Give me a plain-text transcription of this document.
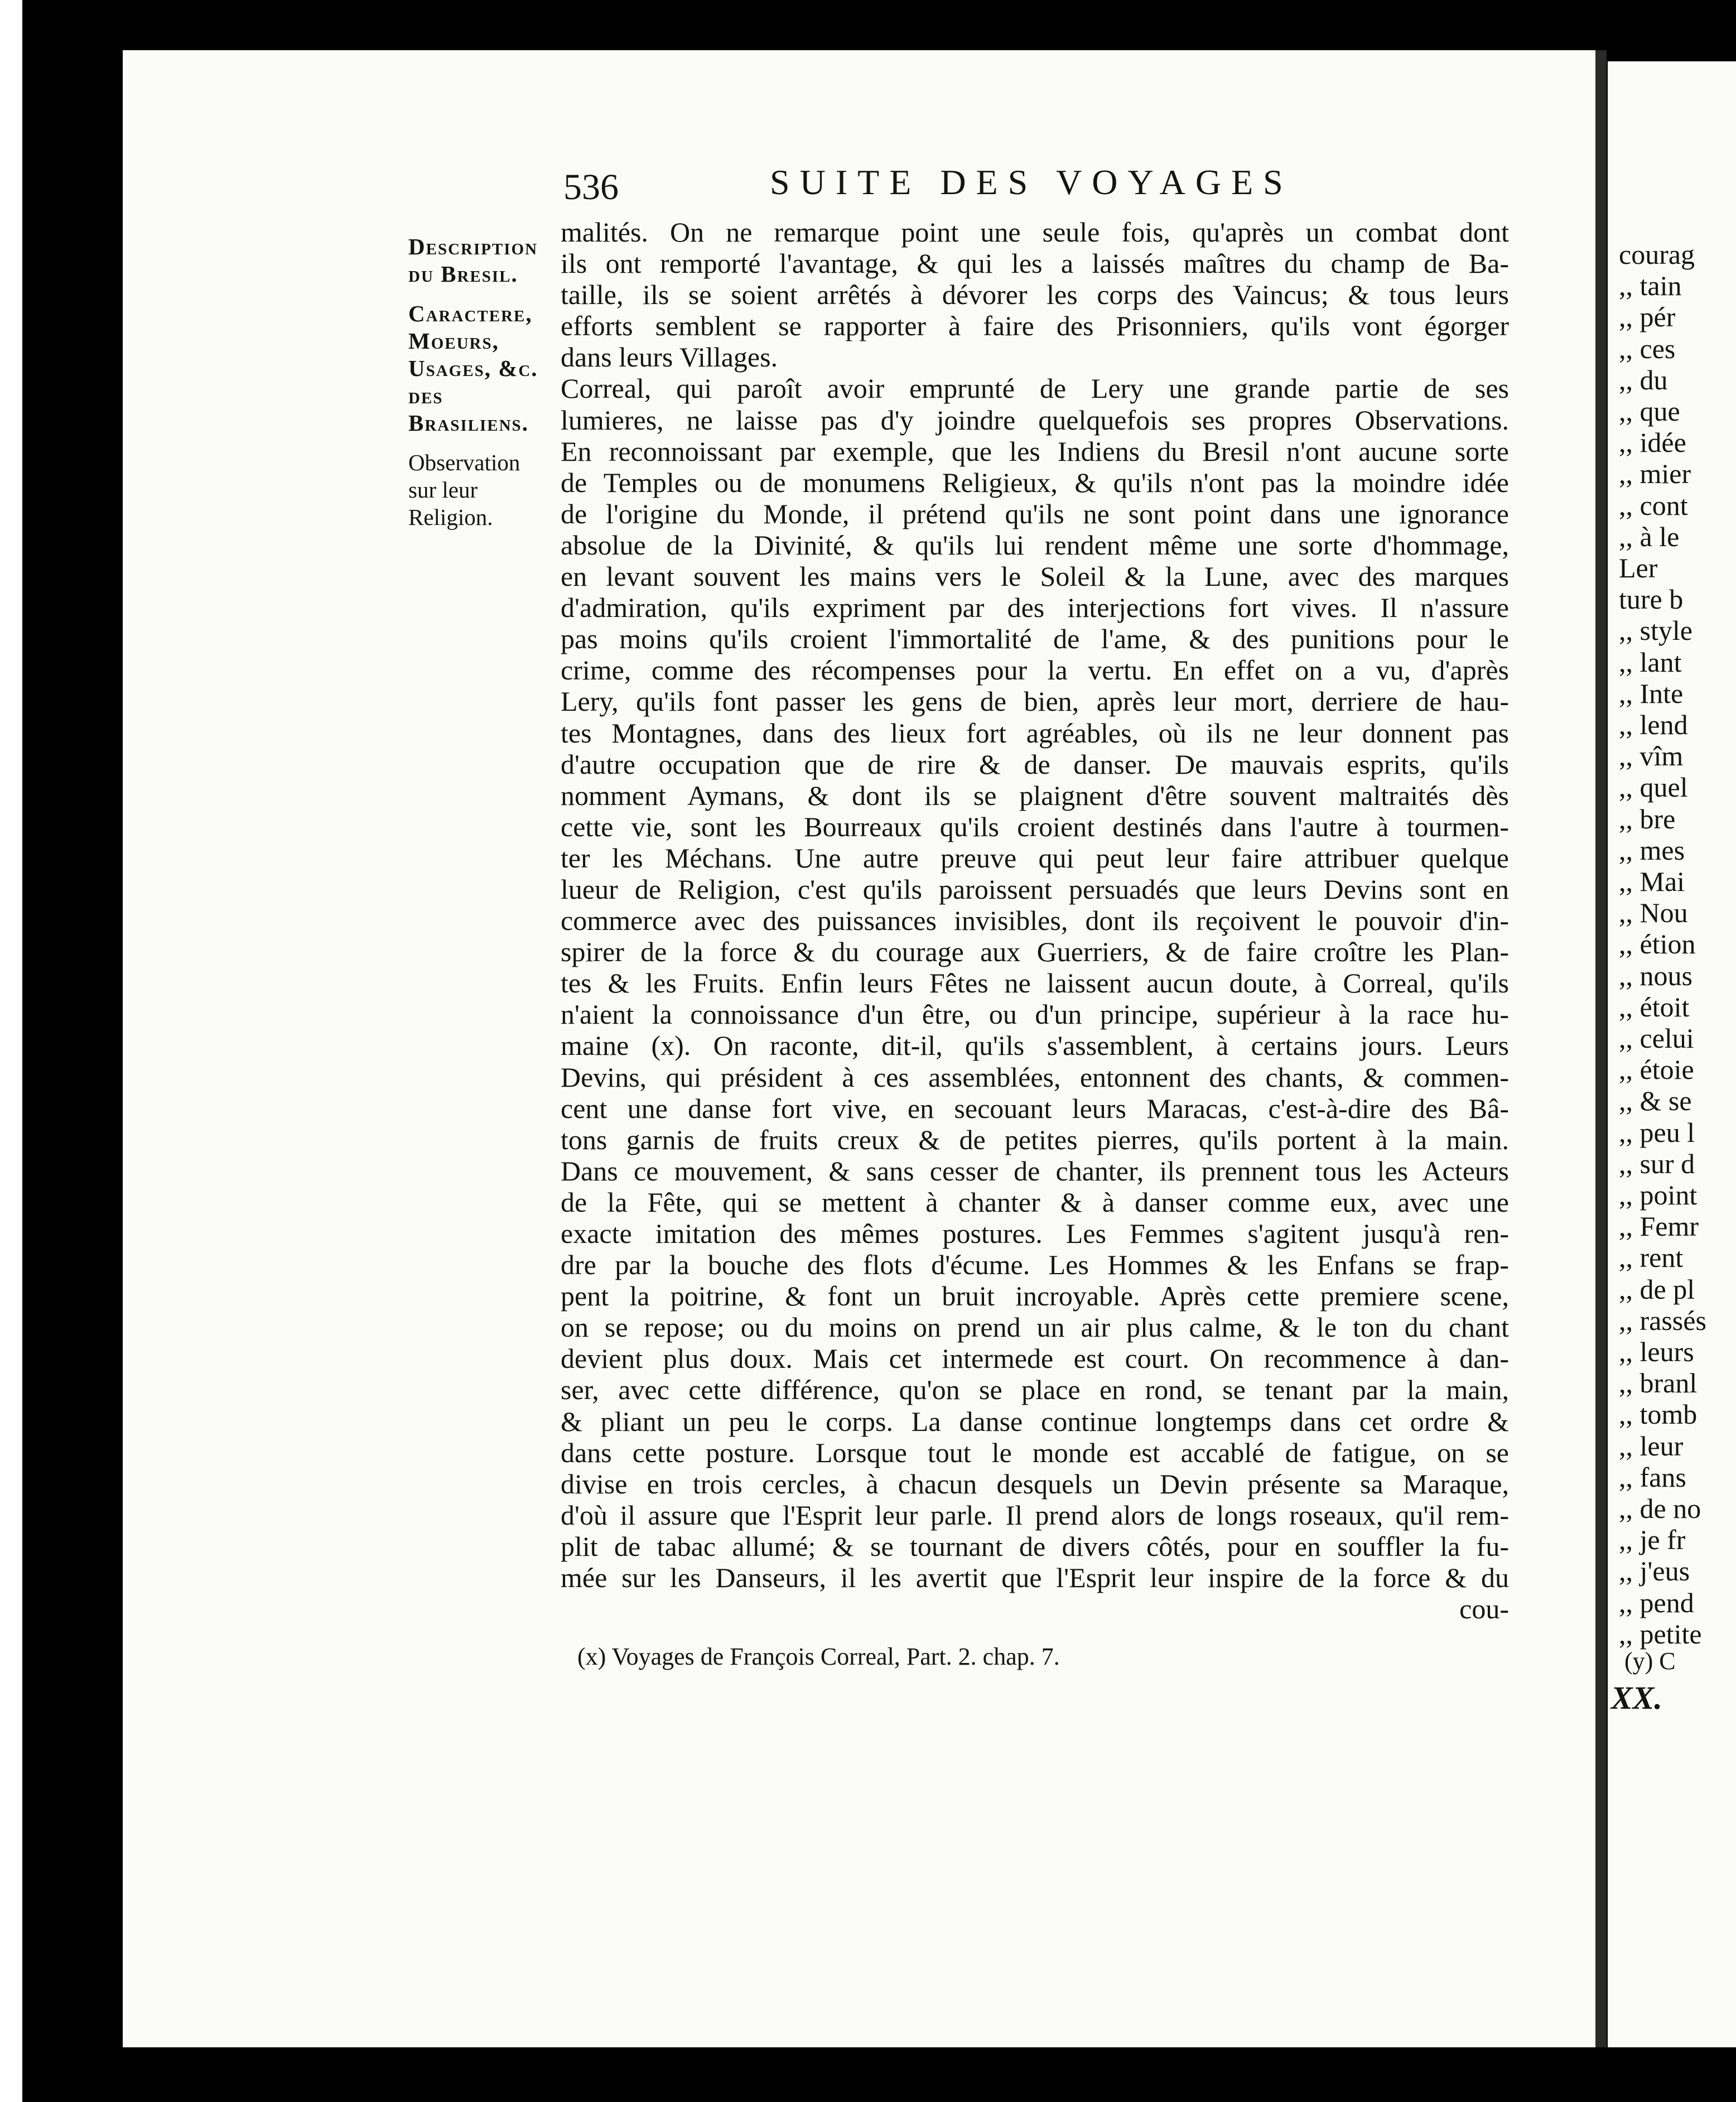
536	SUITE DES VOYAGES
Description du Bresil.
Caractere, Moeurs, Usages, &c. des Brasiliens.
Observation sur leur Religion.
malités. On ne remarque point une seule fois, qu'après un combat dont
ils ont remporté l'avantage, & qui les a laissés maîtres du champ de Ba-
taille, ils se soient arrêtés à dévorer les corps des Vaincus; & tous leurs
efforts semblent se rapporter à faire des Prisonniers, qu'ils vont égorger
dans leurs Villages.
Correal, qui paroît avoir emprunté de Lery une grande partie de ses
lumieres, ne laisse pas d'y joindre quelquefois ses propres Observations.
En reconnoissant par exemple, que les Indiens du Bresil n'ont aucune sorte
de Temples ou de monumens Religieux, & qu'ils n'ont pas la moindre idée
de l'origine du Monde, il prétend qu'ils ne sont point dans une ignorance
absolue de la Divinité, & qu'ils lui rendent même une sorte d'hommage,
en levant souvent les mains vers le Soleil & la Lune, avec des marques
d'admiration, qu'ils expriment par des interjections fort vives. Il n'assure
pas moins qu'ils croient l'immortalité de l'ame, & des punitions pour le
crime, comme des récompenses pour la vertu. En effet on a vu, d'après
Lery, qu'ils font passer les gens de bien, après leur mort, derriere de hau-
tes Montagnes, dans des lieux fort agréables, où ils ne leur donnent pas
d'autre occupation que de rire & de danser. De mauvais esprits, qu'ils
nomment Aymans, & dont ils se plaignent d'être souvent maltraités dès
cette vie, sont les Bourreaux qu'ils croient destinés dans l'autre à tourmen-
ter les Méchans. Une autre preuve qui peut leur faire attribuer quelque
lueur de Religion, c'est qu'ils paroissent persuadés que leurs Devins sont en
commerce avec des puissances invisibles, dont ils reçoivent le pouvoir d'in-
spirer de la force & du courage aux Guerriers, & de faire croître les Plan-
tes & les Fruits. Enfin leurs Fêtes ne laissent aucun doute, à Correal, qu'ils
n'aient la connoissance d'un être, ou d'un principe, supérieur à la race hu-
maine (x). On raconte, dit-il, qu'ils s'assemblent, à certains jours. Leurs
Devins, qui président à ces assemblées, entonnent des chants, & commen-
cent une danse fort vive, en secouant leurs Maracas, c'est-à-dire des Bâ-
tons garnis de fruits creux & de petites pierres, qu'ils portent à la main.
Dans ce mouvement, & sans cesser de chanter, ils prennent tous les Acteurs
de la Fête, qui se mettent à chanter & à danser comme eux, avec une
exacte imitation des mêmes postures. Les Femmes s'agitent jusqu'à ren-
dre par la bouche des flots d'écume. Les Hommes & les Enfans se frap-
pent la poitrine, & font un bruit incroyable. Après cette premiere scene,
on se repose; ou du moins on prend un air plus calme, & le ton du chant
devient plus doux. Mais cet intermede est court. On recommence à dan-
ser, avec cette différence, qu'on se place en rond, se tenant par la main,
& pliant un peu le corps. La danse continue longtemps dans cet ordre &
dans cette posture. Lorsque tout le monde est accablé de fatigue, on se
divise en trois cercles, à chacun desquels un Devin présente sa Maraque,
d'où il assure que l'Esprit leur parle. Il prend alors de longs roseaux, qu'il rem-
plit de tabac allumé; & se tournant de divers côtés, pour en souffler la fu-
mée sur les Danseurs, il les avertit que l'Esprit leur inspire de la force & du
cou-
(x) Voyages de François Correal, Part. 2. chap. 7.	(y) C
XX.
courag
,, tain
,, pér
,, ces
,, du
,, que
,, idée
,, mier
,, cont
,, à le
Ler
ture b
,, style
,, lant
,, Inte
,, lend
,, vîm
,, quel
,, bre
,, mes
,, Mai
,, Nou
,, étion
,, nous
,, étoit
,, celui
,, étoie
,, & se
,, peu l
,, sur d
,, point
,, Femr
,, rent
,, de pl
,, rassés
,, leurs
,, branl
,, tomb
,, leur
,, fans
,, de no
,, je fr
,, j'eus
,, pend
,, petite
